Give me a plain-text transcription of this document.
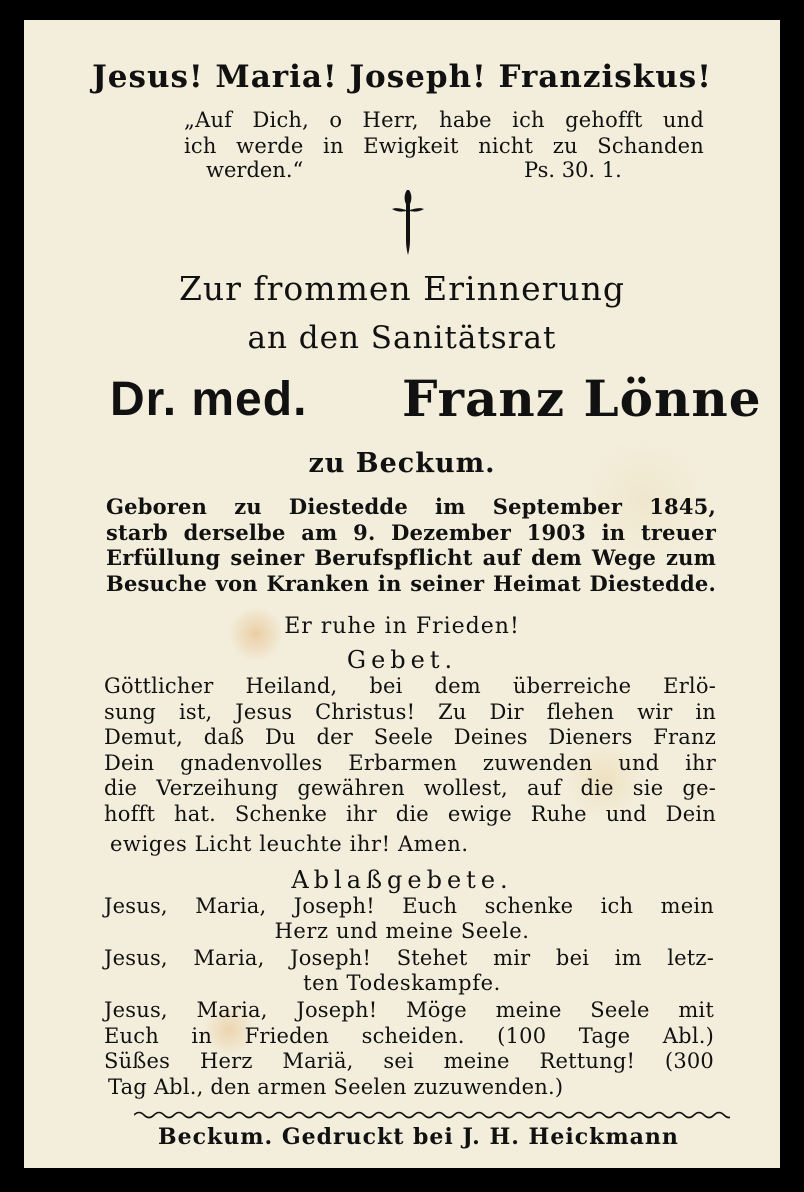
Jesus! Maria! Joseph! Franziskus!
„Auf Dich, o Herr, habe ich gehofft und
ich werde in Ewigkeit nicht zu Schanden
werden.“	Ps. 30. 1.
Zur frommen Erinnerung
an den Sanitätsrat
Dr. med. Franz Lönne
zu Beckum.
Geboren zu Diestedde im September 1845,
starb derselbe am 9. Dezember 1903 in treuer
Erfüllung seiner Berufspflicht auf dem Wege zum
Besuche von Kranken in seiner Heimat Diestedde.
Er ruhe in Frieden!
Gebet.
Göttlicher Heiland, bei dem überreiche Erlö-
sung ist, Jesus Christus! Zu Dir flehen wir in
Demut, daß Du der Seele Deines Dieners Franz
Dein gnadenvolles Erbarmen zuwenden und ihr
die Verzeihung gewähren wollest, auf die sie ge-
hofft hat. Schenke ihr die ewige Ruhe und Dein
ewiges Licht leuchte ihr! Amen.
Ablaßgebete.
Jesus, Maria, Joseph! Euch schenke ich mein
Herz und meine Seele.
Jesus, Maria, Joseph! Stehet mir bei im letz-
ten Todeskampfe.
Jesus, Maria, Joseph! Möge meine Seele mit
Euch in Frieden scheiden. (100 Tage Abl.)
Süßes Herz Mariä, sei meine Rettung! (300
Tag Abl., den armen Seelen zuzuwenden.)
Beckum. Gedruckt bei J. H. Heickmann
